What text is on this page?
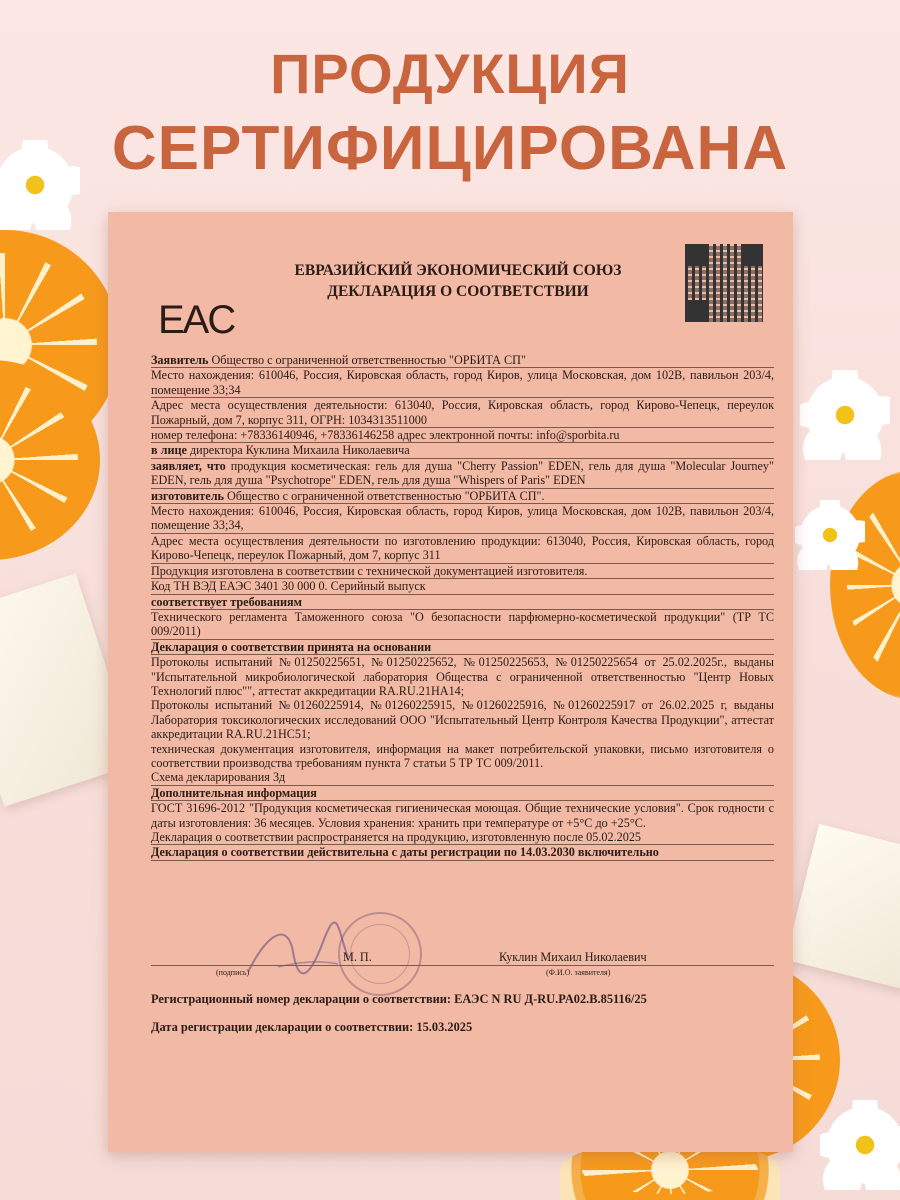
ПРОДУКЦИЯ
СЕРТИФИЦИРОВАНА
ЕВРАЗИЙСКИЙ ЭКОНОМИЧЕСКИЙ СОЮЗ
ДЕКЛАРАЦИЯ О СООТВЕТСТВИИ
EAC
Заявитель Общество с ограниченной ответственностью "ОРБИТА СП"
Место нахождения: 610046, Россия, Кировская область, город Киров, улица Московская, дом 102В, павильон 203/4, помещение 33;34
Адрес места осуществления деятельности: 613040, Россия, Кировская область, город Кирово-Чепецк, переулок Пожарный, дом 7, корпус 311, ОГРН: 1034313511000
номер телефона: +78336140946, +78336146258 адрес электронной почты: info@sporbita.ru
в лице директора Куклина Михаила Николаевича
заявляет, что продукция косметическая: гель для душа "Cherry Passion" EDEN, гель для душа "Molecular Journey" EDEN, гель для душа "Psychotrope" EDEN, гель для душа "Whispers of Paris" EDEN
изготовитель Общество с ограниченной ответственностью "ОРБИТА СП".
Место нахождения: 610046, Россия, Кировская область, город Киров, улица Московская, дом 102В, павильон 203/4, помещение 33;34,
Адрес места осуществления деятельности по изготовлению продукции: 613040, Россия, Кировская область, город Кирово-Чепецк, переулок Пожарный, дом 7, корпус 311
Продукция изготовлена в соответствии с технической документацией изготовителя.
Код ТН ВЭД ЕАЭС 3401 30 000 0. Серийный выпуск
соответствует требованиям
Технического регламента Таможенного союза "О безопасности парфюмерно-косметической продукции" (ТР ТС 009/2011)
Декларация о соответствии принята на основании
Протоколы испытаний №01250225651, №01250225652, №01250225653, №01250225654 от 25.02.2025г., выданы "Испытательной микробиологической лаборатория Общества с ограниченной ответственностью "Центр Новых Технологий плюс"", аттестат аккредитации RA.RU.21НА14;
Протоколы испытаний №01260225914, №01260225915, №01260225916, №01260225917 от 26.02.2025 г, выданы Лаборатория токсикологических исследований ООО "Испытательный Центр Контроля Качества Продукции", аттестат аккредитации RA.RU.21НС51;
техническая документация изготовителя, информация на макет потребительской упаковки, письмо изготовителя о соответствии производства требованиям пункта 7 статьи 5 ТР ТС 009/2011.
Схема декларирования 3д
Дополнительная информация
ГОСТ 31696-2012 "Продукция косметическая гигиеническая моющая. Общие технические условия". Срок годности с даты изготовления: 36 месяцев. Условия хранения: хранить при температуре от +5°С до +25°С.
Декларация о соответствии распространяется на продукцию, изготовленную после 05.02.2025
Декларация о соответствии действительна с даты регистрации по 14.03.2030 включительно
М. П.	Куклин Михаил Николаевич
(подпись)	(Ф.И.О. заявителя)
Регистрационный номер декларации о соответствии: ЕАЭС N RU Д-RU.PA02.B.85116/25
Дата регистрации декларации о соответствии: 15.03.2025
